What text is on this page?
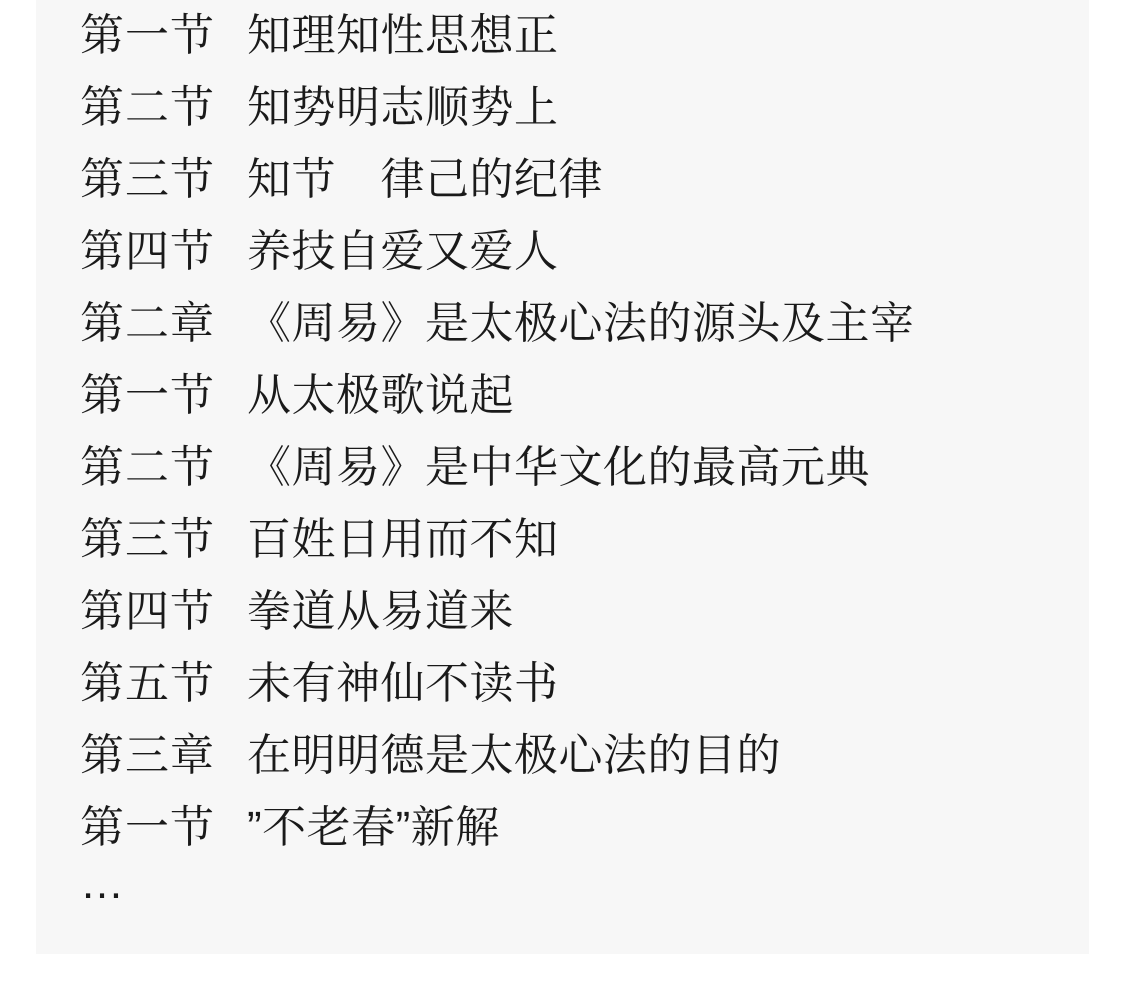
第一节 知理知性思想正
第二节 知势明志顺势上
第三节 知节　律己的纪律
第四节 养技自爱又爱人
第二章 《周易》是太极心法的源头及主宰
第一节 从太极歌说起
第二节 《周易》是中华文化的最高元典
第三节 百姓日用而不知
第四节 拳道从易道来
第五节 未有神仙不读书
第三章 在明明德是太极心法的目的
第一节 ”不老春”新解
…
